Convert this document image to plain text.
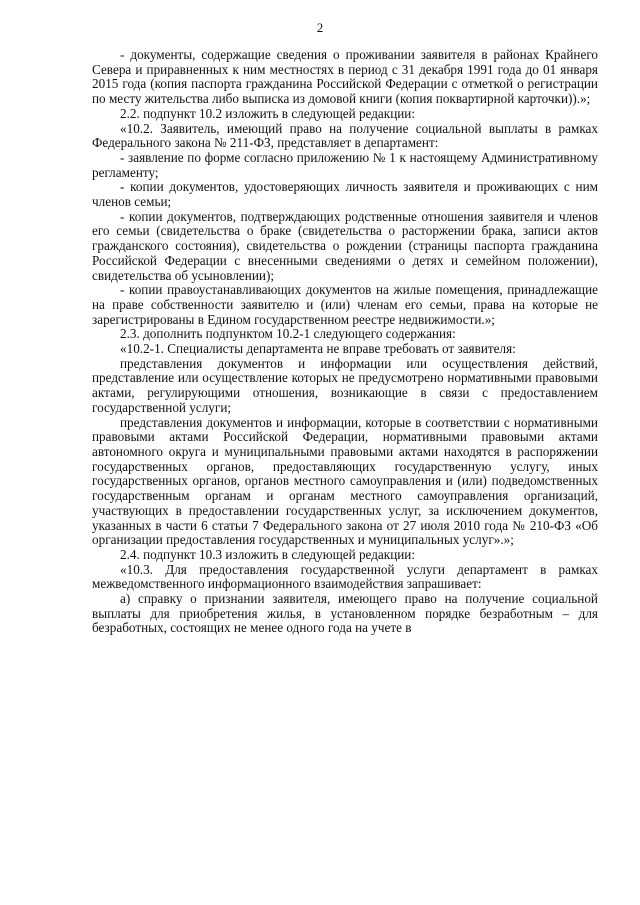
2

- документы, содержащие сведения о проживании заявителя в районах Крайнего Севера и приравненных к ним местностях в период с 31 декабря 1991 года до 01 января 2015 года (копия паспорта гражданина Российской Федерации с отметкой о регистрации по месту жительства либо выписка из домовой книги (копия поквартирной карточки)).»;

2.2. подпункт 10.2 изложить в следующей редакции:

«10.2. Заявитель, имеющий право на получение социальной выплаты в рамках Федерального закона № 211-ФЗ, представляет в департамент:

- заявление по форме согласно приложению № 1 к настоящему Административному регламенту;

- копии документов, удостоверяющих личность заявителя и проживающих с ним членов семьи;

- копии документов, подтверждающих родственные отношения заявителя и членов его семьи (свидетельства о браке (свидетельства о расторжении брака, записи актов гражданского состояния), свидетельства о рождении (страницы паспорта гражданина Российской Федерации с внесенными сведениями о детях и семейном положении), свидетельства об усыновлении);

- копии правоустанавливающих документов на жилые помещения, принадлежащие на праве собственности заявителю и (или) членам его семьи, права на которые не зарегистрированы в Едином государственном реестре недвижимости.»;

2.3. дополнить подпунктом 10.2-1 следующего содержания:

«10.2-1. Специалисты департамента не вправе требовать от заявителя:

представления документов и информации или осуществления действий, представление или осуществление которых не предусмотрено нормативными правовыми актами, регулирующими отношения, возникающие в связи с предоставлением государственной услуги;

представления документов и информации, которые в соответствии с нормативными правовыми актами Российской Федерации, нормативными правовыми актами автономного округа и муниципальными правовыми актами находятся в распоряжении государственных органов, предоставляющих государственную услугу, иных государственных органов, органов местного самоуправления и (или) подведомственных государственным органам и органам местного самоуправления организаций, участвующих в предоставлении государственных услуг, за исключением документов, указанных в части 6 статьи 7 Федерального закона от 27 июля 2010 года № 210-ФЗ «Об организации предоставления государственных и муниципальных услуг».»;

2.4. подпункт 10.3 изложить в следующей редакции:

«10.3. Для предоставления государственной услуги департамент в рамках межведомственного информационного взаимодействия запрашивает:

а) справку о признании заявителя, имеющего право на получение социальной выплаты для приобретения жилья, в установленном порядке безработным – для безработных, состоящих не менее одного года на учете в
